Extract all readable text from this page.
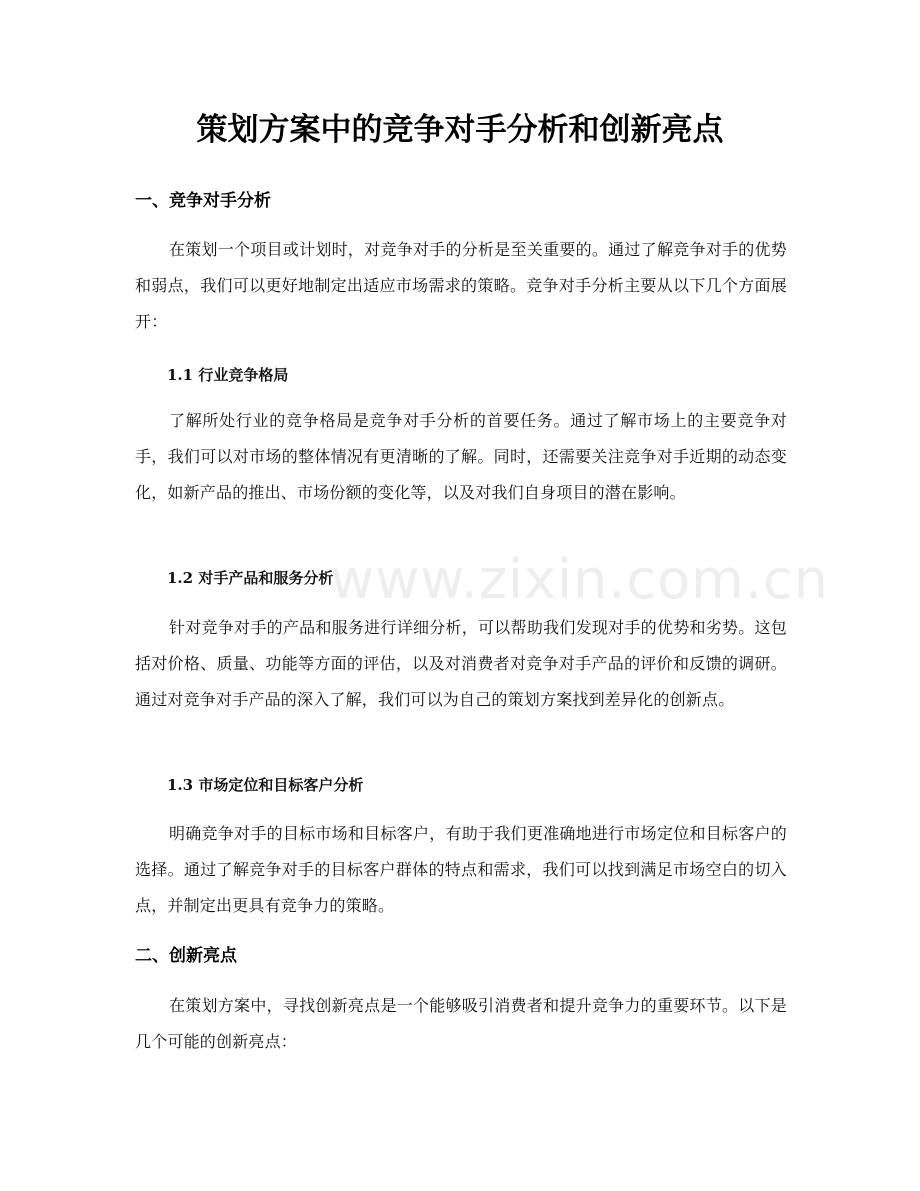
策划方案中的竞争对手分析和创新亮点
一、竞争对手分析

在策划一个项目或计划时，对竞争对手的分析是至关重要的。通过了解竞争对手的优势和弱点，我们可以更好地制定出适应市场需求的策略。竞争对手分析主要从以下几个方面展开：

1.1 行业竞争格局

了解所处行业的竞争格局是竞争对手分析的首要任务。通过了解市场上的主要竞争对手，我们可以对市场的整体情况有更清晰的了解。同时，还需要关注竞争对手近期的动态变化，如新产品的推出、市场份额的变化等，以及对我们自身项目的潜在影响。

1.2 对手产品和服务分析

针对竞争对手的产品和服务进行详细分析，可以帮助我们发现对手的优势和劣势。这包括对价格、质量、功能等方面的评估，以及对消费者对竞争对手产品的评价和反馈的调研。通过对竞争对手产品的深入了解，我们可以为自己的策划方案找到差异化的创新点。

1.3 市场定位和目标客户分析

明确竞争对手的目标市场和目标客户，有助于我们更准确地进行市场定位和目标客户的选择。通过了解竞争对手的目标客户群体的特点和需求，我们可以找到满足市场空白的切入点，并制定出更具有竞争力的策略。

二、创新亮点

在策划方案中，寻找创新亮点是一个能够吸引消费者和提升竞争力的重要环节。以下是几个可能的创新亮点：

www.zixin.com.cn
